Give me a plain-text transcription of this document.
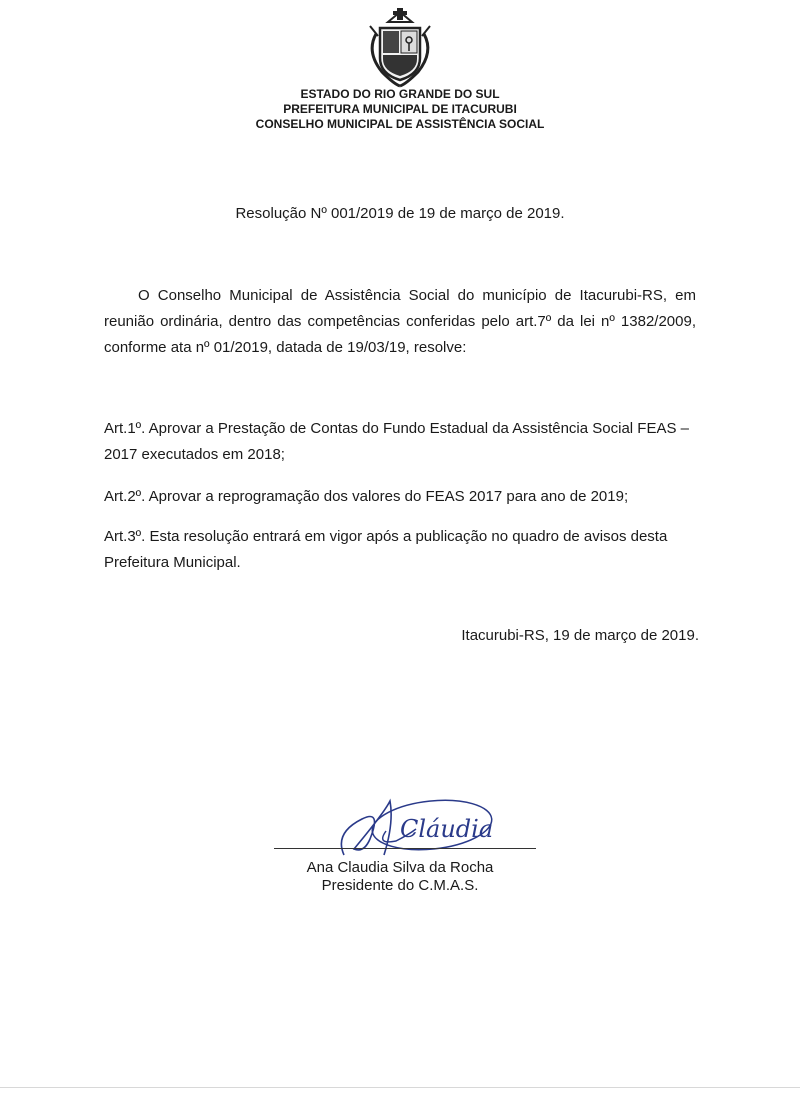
ESTADO DO RIO GRANDE DO SUL
PREFEITURA MUNICIPAL DE ITACURUBI
CONSELHO MUNICIPAL DE ASSISTÊNCIA SOCIAL
Resolução Nº 001/2019 de 19 de março de 2019.

O Conselho Municipal de Assistência Social do município de Itacurubi-RS, em reunião ordinária, dentro das competências conferidas pelo art.7º da lei nº 1382/2009, conforme ata nº 01/2019, datada de 19/03/19, resolve:

Art.1º. Aprovar a Prestação de Contas do Fundo Estadual da Assistência Social FEAS – 2017 executados em 2018;

Art.2º. Aprovar a reprogramação dos valores do FEAS 2017 para ano de 2019;

Art.3º. Esta resolução entrará em vigor após a publicação no quadro de avisos desta Prefeitura Municipal.

Itacurubi-RS, 19 de março de 2019.
Cláudia
Ana Claudia Silva da Rocha
Presidente do C.M.A.S.
